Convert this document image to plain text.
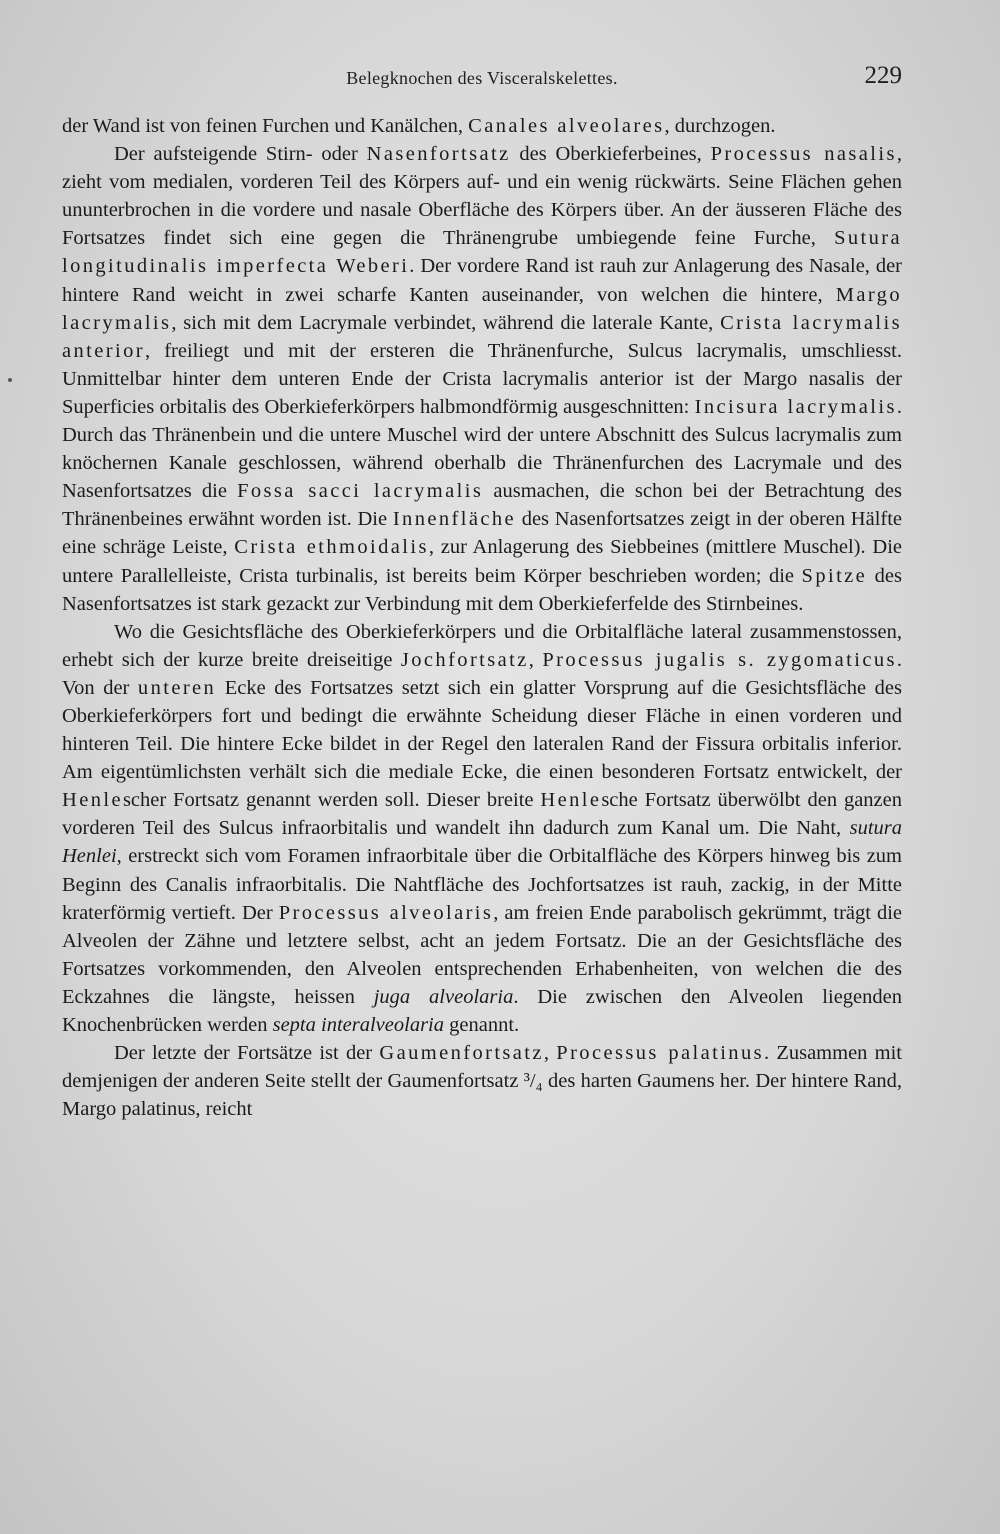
Belegknochen des Visceralskelettes.	229

der Wand ist von feinen Furchen und Kanälchen, Canales alveolares, durchzogen.

Der aufsteigende Stirn- oder Nasenfortsatz des Oberkieferbeines, Processus nasalis, zieht vom medialen, vorderen Teil des Körpers auf- und ein wenig rückwärts. Seine Flächen gehen ununterbrochen in die vordere und nasale Oberfläche des Körpers über. An der äusseren Fläche des Fortsatzes findet sich eine gegen die Thränengrube umbiegende feine Furche, Sutura longitudinalis imperfecta Weberi. Der vordere Rand ist rauh zur Anlagerung des Nasale, der hintere Rand weicht in zwei scharfe Kanten auseinander, von welchen die hintere, Margo lacrymalis, sich mit dem Lacrymale verbindet, während die laterale Kante, Crista lacrymalis anterior, freiliegt und mit der ersteren die Thränenfurche, Sulcus lacrymalis, umschliesst. Unmittelbar hinter dem unteren Ende der Crista lacrymalis anterior ist der Margo nasalis der Superficies orbitalis des Oberkieferkörpers halbmondförmig ausgeschnitten: Incisura lacrymalis. Durch das Thränenbein und die untere Muschel wird der untere Abschnitt des Sulcus lacrymalis zum knöchernen Kanale geschlossen, während oberhalb die Thränenfurchen des Lacrymale und des Nasenfortsatzes die Fossa sacci lacrymalis ausmachen, die schon bei der Betrachtung des Thränenbeines erwähnt worden ist. Die Innenfläche des Nasenfortsatzes zeigt in der oberen Hälfte eine schräge Leiste, Crista ethmoidalis, zur Anlagerung des Siebbeines (mittlere Muschel). Die untere Parallelleiste, Crista turbinalis, ist bereits beim Körper beschrieben worden; die Spitze des Nasenfortsatzes ist stark gezackt zur Verbindung mit dem Oberkieferfelde des Stirnbeines.

Wo die Gesichtsfläche des Oberkieferkörpers und die Orbitalfläche lateral zusammenstossen, erhebt sich der kurze breite dreiseitige Jochfortsatz, Processus jugalis s. zygomaticus. Von der unteren Ecke des Fortsatzes setzt sich ein glatter Vorsprung auf die Gesichtsfläche des Oberkieferkörpers fort und bedingt die erwähnte Scheidung dieser Fläche in einen vorderen und hinteren Teil. Die hintere Ecke bildet in der Regel den lateralen Rand der Fissura orbitalis inferior. Am eigentümlichsten verhält sich die mediale Ecke, die einen besonderen Fortsatz entwickelt, der Henlescher Fortsatz genannt werden soll. Dieser breite Henlesche Fortsatz überwölbt den ganzen vorderen Teil des Sulcus infraorbitalis und wandelt ihn dadurch zum Kanal um. Die Naht, sutura Henlei, erstreckt sich vom Foramen infraorbitale über die Orbitalfläche des Körpers hinweg bis zum Beginn des Canalis infraorbitalis. Die Nahtfläche des Jochfortsatzes ist rauh, zackig, in der Mitte kraterförmig vertieft. Der Processus alveolaris, am freien Ende parabolisch gekrümmt, trägt die Alveolen der Zähne und letztere selbst, acht an jedem Fortsatz. Die an der Gesichtsfläche des Fortsatzes vorkommenden, den Alveolen entsprechenden Erhabenheiten, von welchen die des Eckzahnes die längste, heissen juga alveolaria. Die zwischen den Alveolen liegenden Knochenbrücken werden septa interalveolaria genannt.

Der letzte der Fortsätze ist der Gaumenfortsatz, Processus palatinus. Zusammen mit demjenigen der anderen Seite stellt der Gaumenfortsatz ³/₄ des harten Gaumens her. Der hintere Rand, Margo palatinus, reicht
